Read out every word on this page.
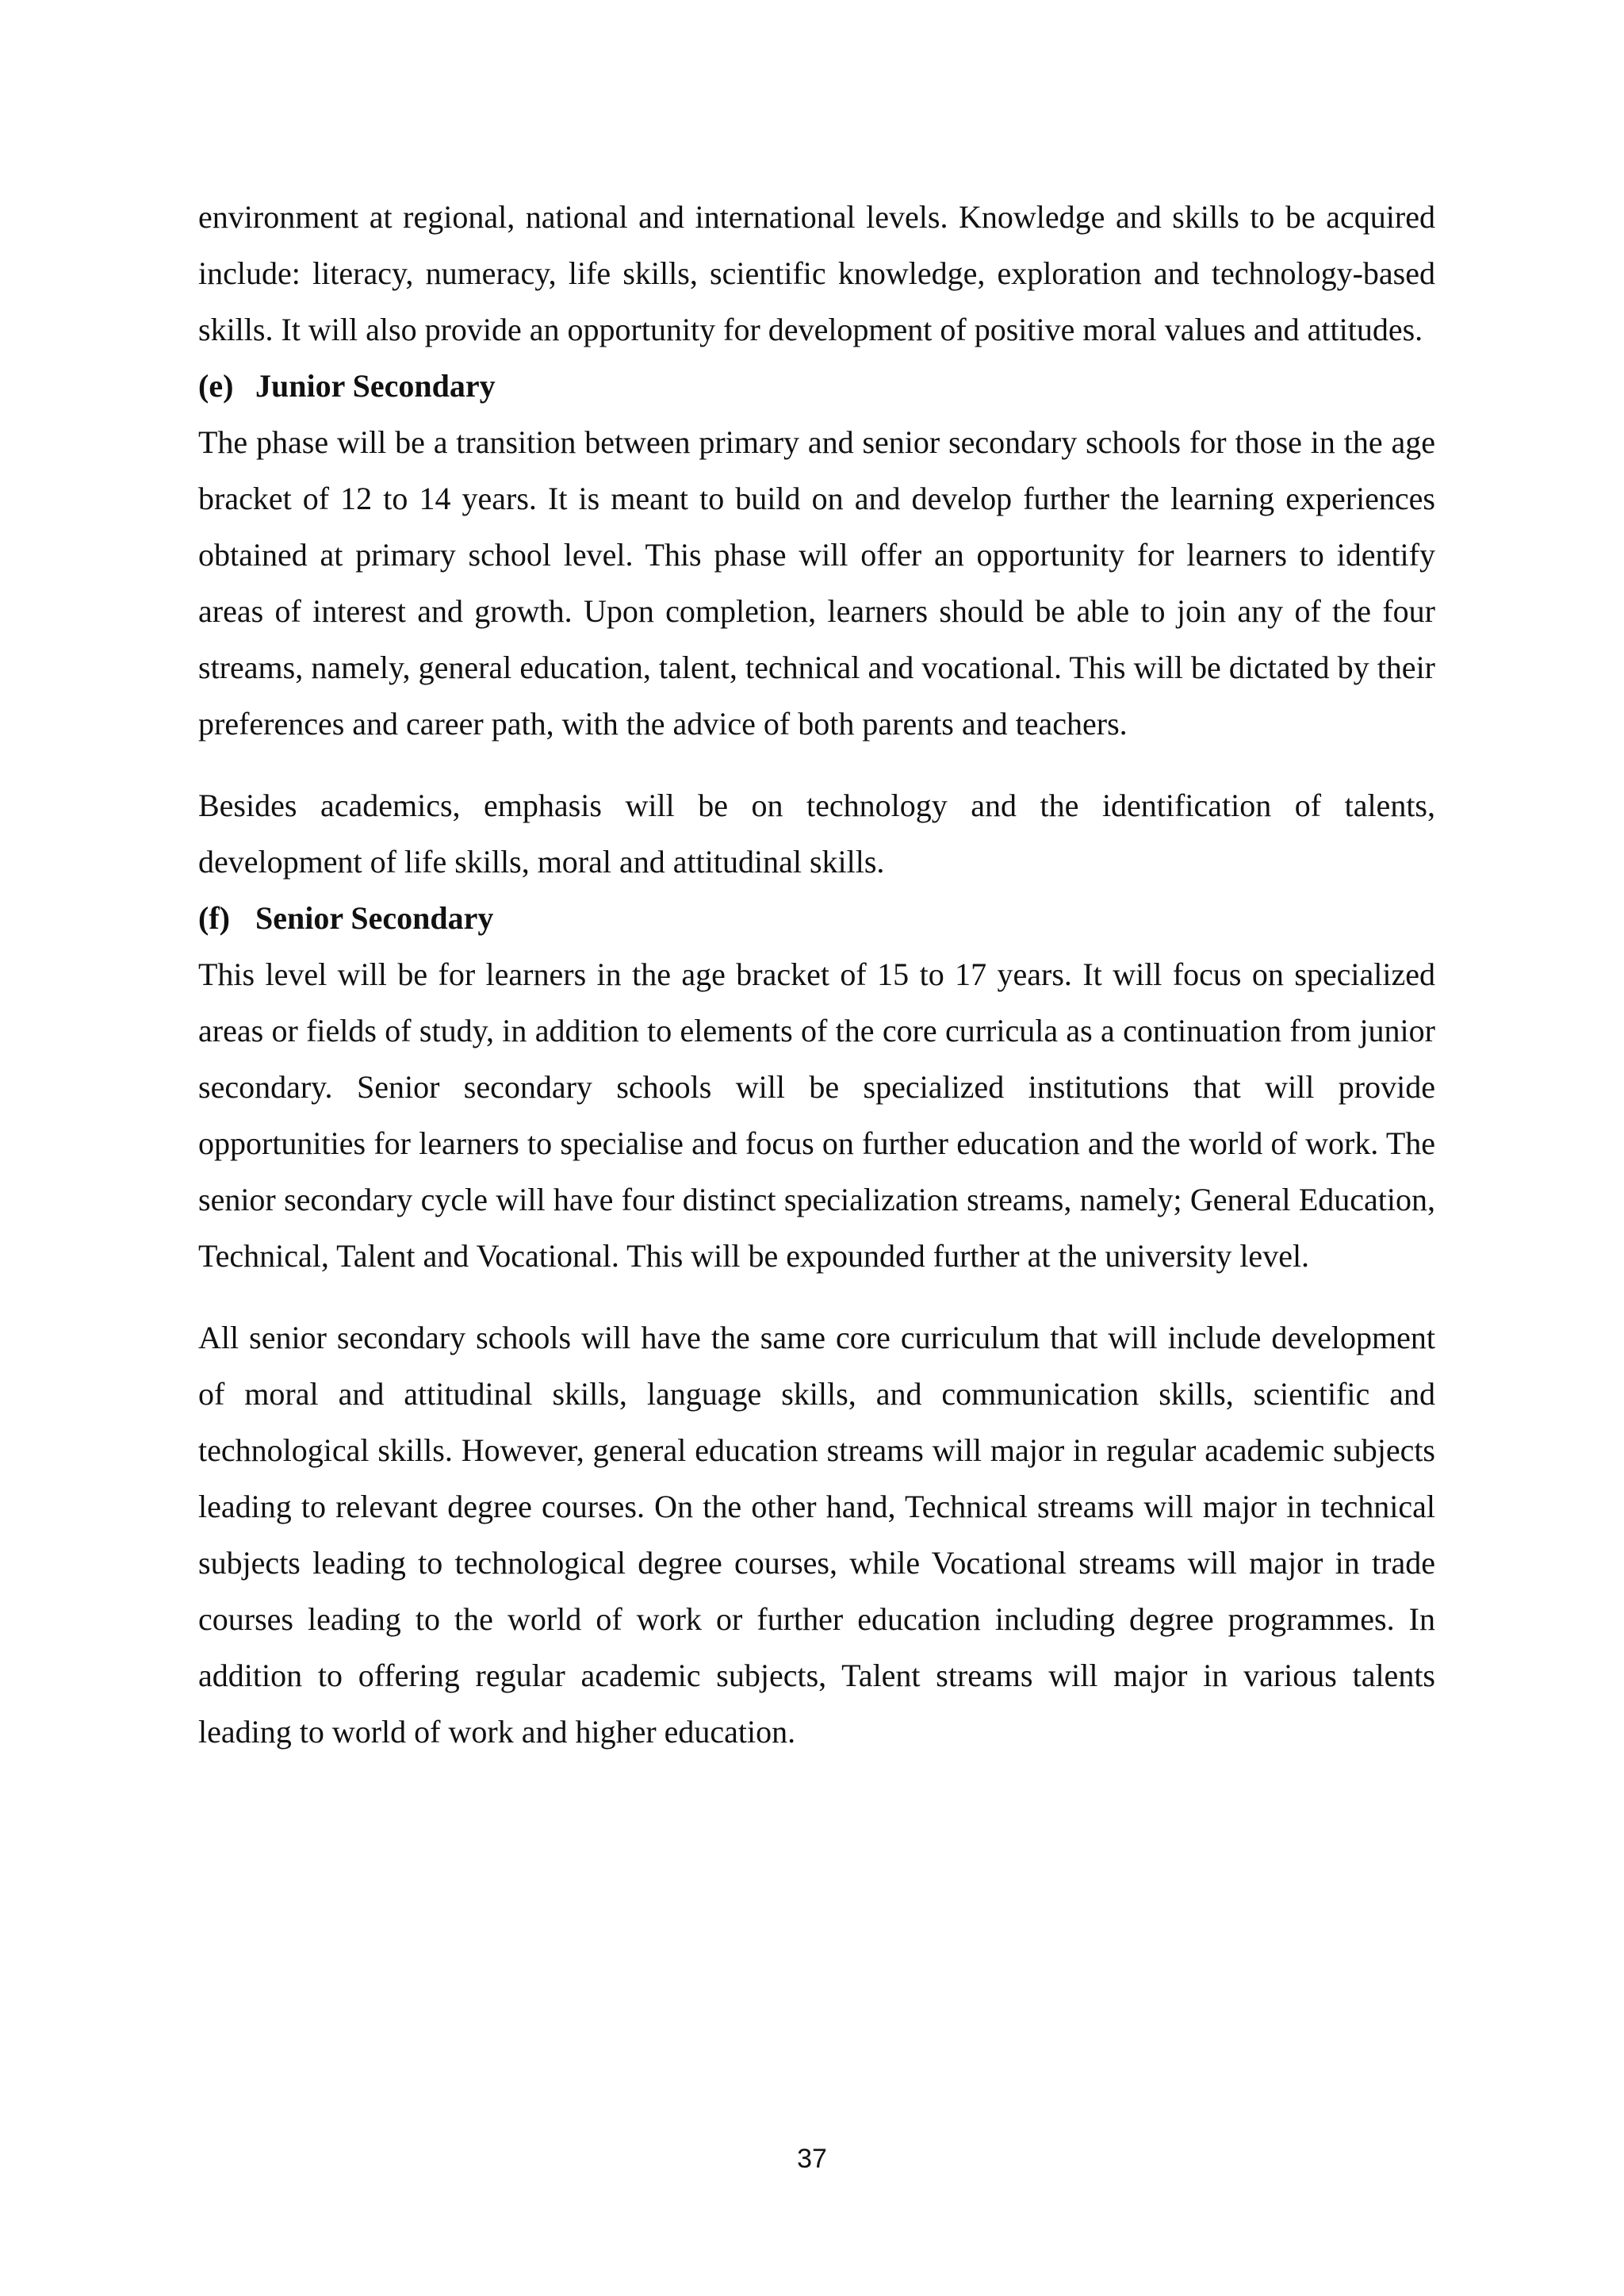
environment at regional, national and international levels. Knowledge and skills to be acquired include: literacy, numeracy, life skills, scientific knowledge, exploration and technology-based skills. It will also provide an opportunity for development of positive moral values and attitudes.

(e) Junior Secondary

The phase will be a transition between primary and senior secondary schools for those in the age bracket of 12 to 14 years. It is meant to build on and develop further the learning experiences obtained at primary school level. This phase will offer an opportunity for learners to identify areas of interest and growth. Upon completion, learners should be able to join any of the four streams, namely, general education, talent, technical and vocational. This will be dictated by their preferences and career path, with the advice of both parents and teachers.

Besides academics, emphasis will be on technology and the identification of talents, development of life skills, moral and attitudinal skills.

(f) Senior Secondary

This level will be for learners in the age bracket of 15 to 17 years. It will focus on specialized areas or fields of study, in addition to elements of the core curricula as a continuation from junior secondary. Senior secondary schools will be specialized institutions that will provide opportunities for learners to specialise and focus on further education and the world of work. The senior secondary cycle will have four distinct specialization streams, namely; General Education, Technical, Talent and Vocational. This will be expounded further at the university level.

All senior secondary schools will have the same core curriculum that will include development of moral and attitudinal skills, language skills, and communication skills, scientific and technological skills. However, general education streams will major in regular academic subjects leading to relevant degree courses. On the other hand, Technical streams will major in technical subjects leading to technological degree courses, while Vocational streams will major in trade courses leading to the world of work or further education including degree programmes. In addition to offering regular academic subjects, Talent streams will major in various talents leading to world of work and higher education.

37
